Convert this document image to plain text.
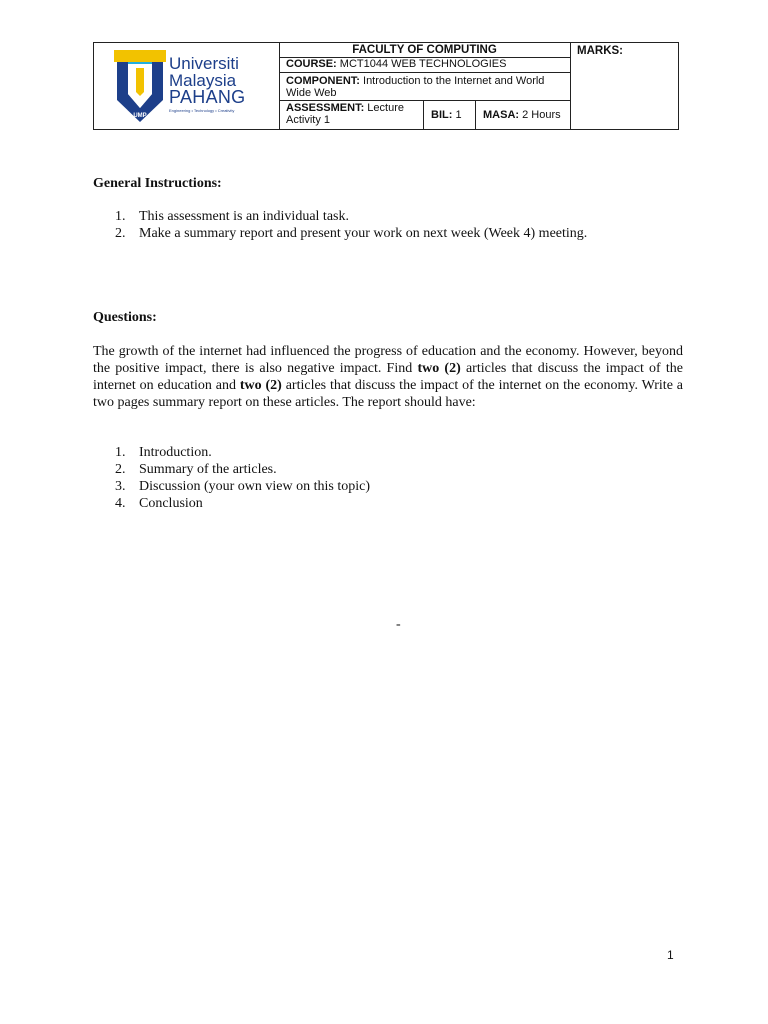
UMP
Universiti
Malaysia
PAHANG
Engineering • Technology • Creativity
FACULTY OF COMPUTING
COURSE: MCT1044 WEB TECHNOLOGIES
COMPONENT: Introduction to the Internet and World Wide Web
ASSESSMENT: Lecture Activity 1	BIL: 1	MASA: 2 Hours
MARKS:
General Instructions:
1. This assessment is an individual task.
2. Make a summary report and present your work on next week (Week 4) meeting.
Questions:
The growth of the internet had influenced the progress of education and the economy. However, beyond the positive impact, there is also negative impact. Find two (2) articles that discuss the impact of the internet on education and two (2) articles that discuss the impact of the internet on the economy. Write a two pages summary report on these articles. The report should have:
1. Introduction.
2. Summary of the articles.
3. Discussion (your own view on this topic)
4. Conclusion
-
1
